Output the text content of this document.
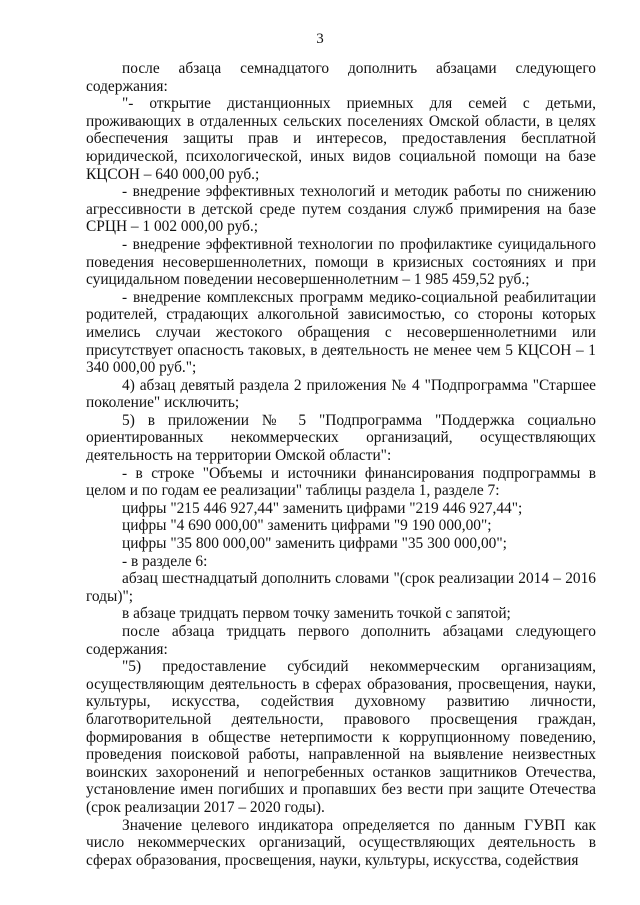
3

после абзаца семнадцатого дополнить абзацами следующего содержания:

"- открытие дистанционных приемных для семей с детьми, проживающих в отдаленных сельских поселениях Омской области, в целях обеспечения защиты прав и интересов, предоставления бесплатной юридической, психологической, иных видов социальной помощи на базе КЦСОН – 640 000,00 руб.;

- внедрение эффективных технологий и методик работы по снижению агрессивности в детской среде путем создания служб примирения на базе СРЦН – 1 002 000,00 руб.;

- внедрение эффективной технологии по профилактике суицидального поведения несовершеннолетних, помощи в кризисных состояниях и при суицидальном поведении несовершеннолетним – 1 985 459,52 руб.;

- внедрение комплексных программ медико-социальной реабилитации родителей, страдающих алкогольной зависимостью, со стороны которых имелись случаи жестокого обращения с несовершеннолетними или присутствует опасность таковых, в деятельность не менее чем 5 КЦСОН – 1 340 000,00 руб.";

4) абзац девятый раздела 2 приложения № 4 "Подпрограмма "Старшее поколение" исключить;

5) в приложении № 5 "Подпрограмма "Поддержка социально ориентированных некоммерческих организаций, осуществляющих деятельность на территории Омской области":

- в строке "Объемы и источники финансирования подпрограммы в целом и по годам ее реализации" таблицы раздела 1, разделе 7:

цифры "215 446 927,44" заменить цифрами "219 446 927,44";

цифры "4 690 000,00" заменить цифрами "9 190 000,00";

цифры "35 800 000,00" заменить цифрами "35 300 000,00";

- в разделе 6:

абзац шестнадцатый дополнить словами "(срок реализации 2014 – 2016 годы)";

в абзаце тридцать первом точку заменить точкой с запятой;

после абзаца тридцать первого дополнить абзацами следующего содержания:

"5) предоставление субсидий некоммерческим организациям, осуществляющим деятельность в сферах образования, просвещения, науки, культуры, искусства, содействия духовному развитию личности, благотворительной деятельности, правового просвещения граждан, формирования в обществе нетерпимости к коррупционному поведению, проведения поисковой работы, направленной на выявление неизвестных воинских захоронений и непогребенных останков защитников Отечества, установление имен погибших и пропавших без вести при защите Отечества (срок реализации 2017 – 2020 годы).

Значение целевого индикатора определяется по данным ГУВП как число некоммерческих организаций, осуществляющих деятельность в сферах образования, просвещения, науки, культуры, искусства, содействия
